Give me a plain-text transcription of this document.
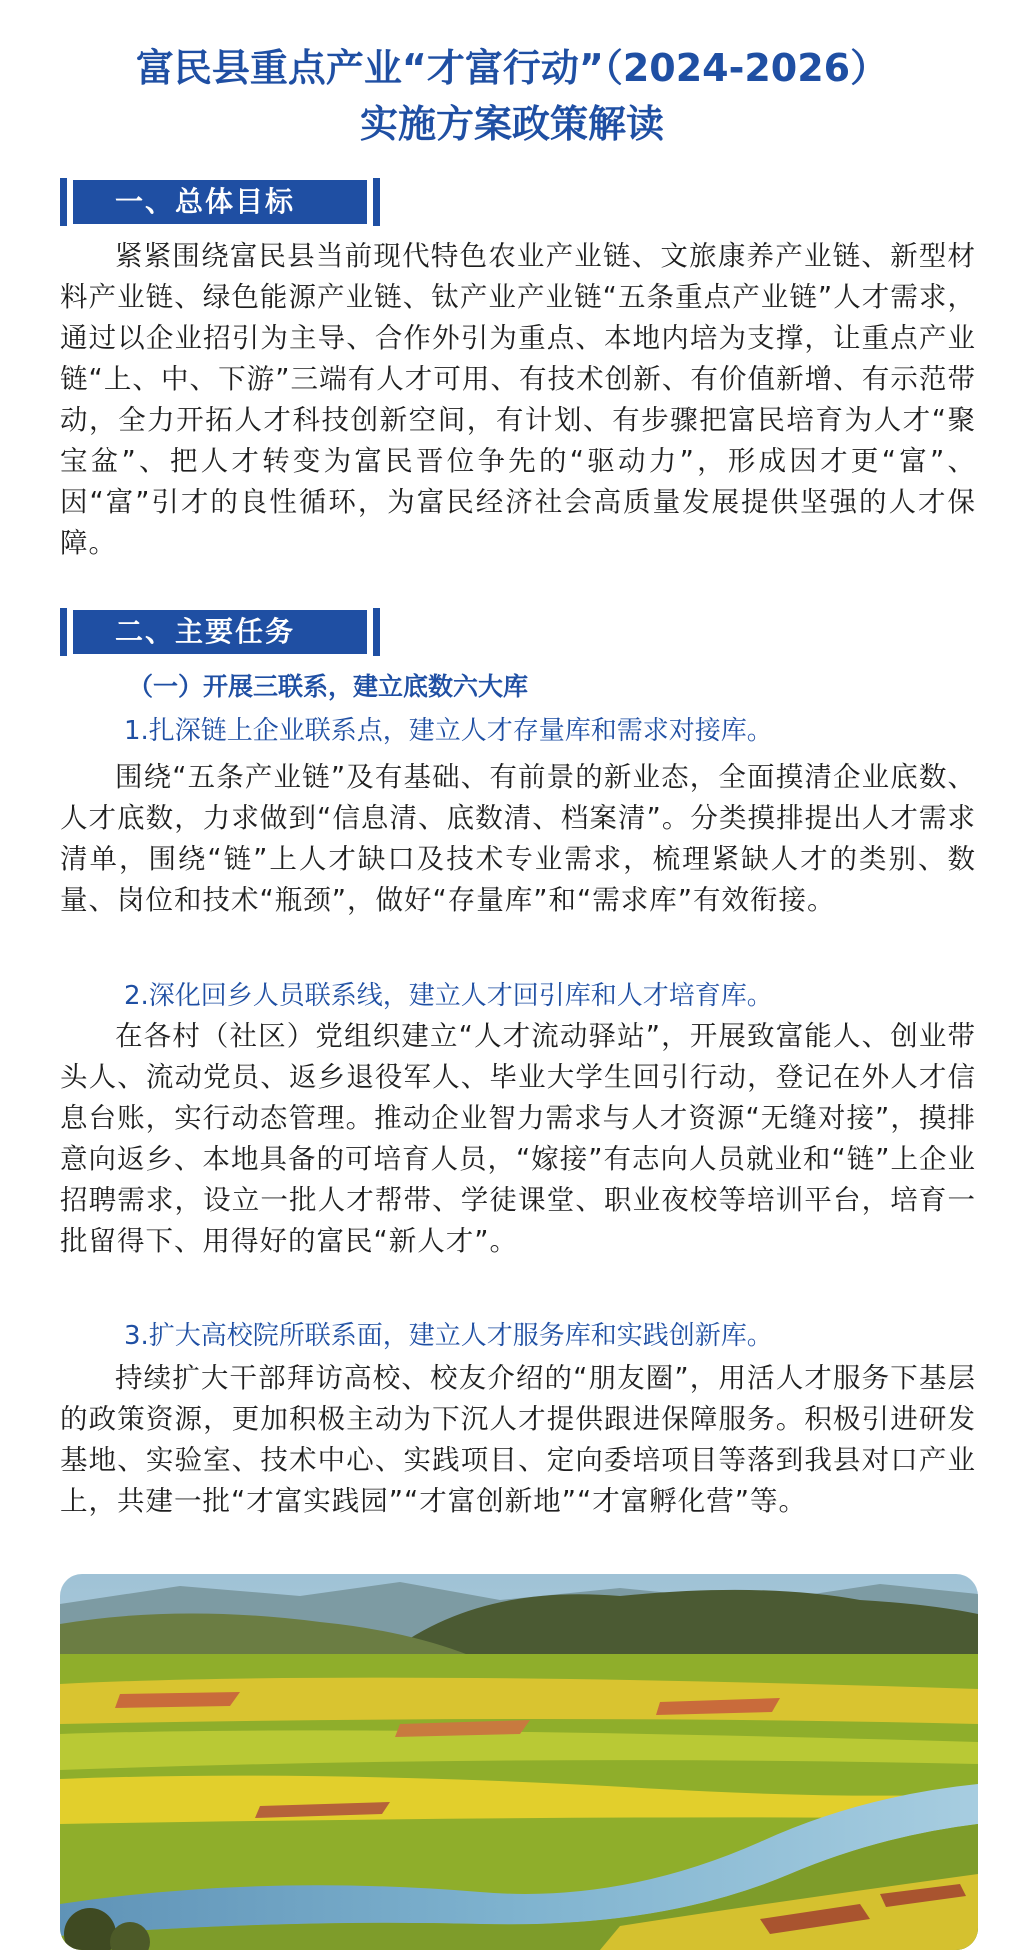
富民县重点产业“才富行动”（2024-2026）
实施方案政策解读
一、总体目标

紧紧围绕富民县当前现代特色农业产业链、文旅康养产业链、新型材料产业链、绿色能源产业链、钛产业产业链“五条重点产业链”人才需求，通过以企业招引为主导、合作外引为重点、本地内培为支撑，让重点产业链“上、中、下游”三端有人才可用、有技术创新、有价值新增、有示范带动，全力开拓人才科技创新空间，有计划、有步骤把富民培育为人才“聚宝盆”、把人才转变为富民晋位争先的“驱动力”，形成因才更“富”、因“富”引才的良性循环，为富民经济社会高质量发展提供坚强的人才保障。

二、主要任务

（一）开展三联系，建立底数六大库

1.扎深链上企业联系点，建立人才存量库和需求对接库。

围绕“五条产业链”及有基础、有前景的新业态，全面摸清企业底数、人才底数，力求做到“信息清、底数清、档案清”。分类摸排提出人才需求清单，围绕“链”上人才缺口及技术专业需求，梳理紧缺人才的类别、数量、岗位和技术“瓶颈”，做好“存量库”和“需求库”有效衔接。

2.深化回乡人员联系线，建立人才回引库和人才培育库。

在各村（社区）党组织建立“人才流动驿站”，开展致富能人、创业带头人、流动党员、返乡退役军人、毕业大学生回引行动，登记在外人才信息台账，实行动态管理。推动企业智力需求与人才资源“无缝对接”，摸排意向返乡、本地具备的可培育人员，“嫁接”有志向人员就业和“链”上企业招聘需求，设立一批人才帮带、学徒课堂、职业夜校等培训平台，培育一批留得下、用得好的富民“新人才”。

3.扩大高校院所联系面，建立人才服务库和实践创新库。

持续扩大干部拜访高校、校友介绍的“朋友圈”，用活人才服务下基层的政策资源，更加积极主动为下沉人才提供跟进保障服务。积极引进研发基地、实验室、技术中心、实践项目、定向委培项目等落到我县对口产业上，共建一批“才富实践园”“才富创新地”“才富孵化营”等。
